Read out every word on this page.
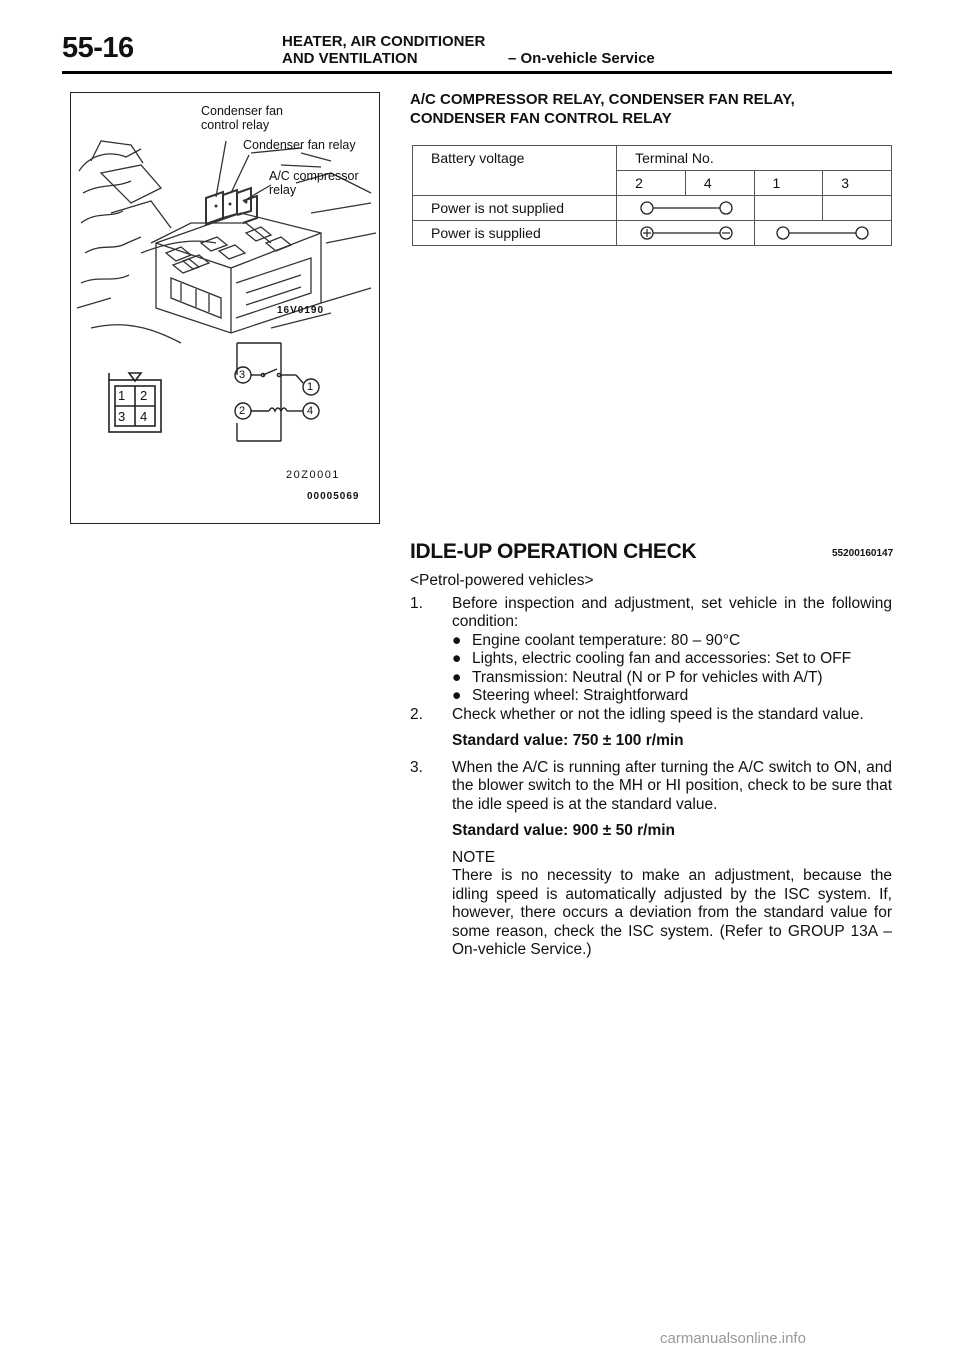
55-16	HEATER, AIR CONDITIONER
AND VENTILATION	– On-vehicle Service
Condenser fan
control relay
Condenser fan relay
A/C compressor
relay
16V0190
1 2
3 4
3
1
2	4
20Z0001
00005069
A/C COMPRESSOR RELAY, CONDENSER FAN RELAY, CONDENSER FAN CONTROL RELAY
Battery voltage	Terminal No.			
	2	4	1	3
Power is not supplied	

Power is supplied	

IDLE-UP OPERATION CHECK	55200160147

<Petrol-powered vehicles>

1. Before inspection and adjustment, set vehicle in the following condition:

● Engine coolant temperature: 80 – 90°C

● Lights, electric cooling fan and accessories: Set to OFF

● Transmission: Neutral (N or P for vehicles with A/T)

● Steering wheel: Straightforward

2. Check whether or not the idling speed is the standard value.

Standard value: 750 ± 100 r/min

3. When the A/C is running after turning the A/C switch to ON, and the blower switch to the MH or HI position, check to be sure that the idle speed is at the standard value.

Standard value: 900 ± 50 r/min

NOTE

There is no necessity to make an adjustment, because the idling speed is automatically adjusted by the ISC system. If, however, there occurs a deviation from the standard value for some reason, check the ISC system. (Refer to GROUP 13A – On-vehicle Service.)

carmanualsonline.info
